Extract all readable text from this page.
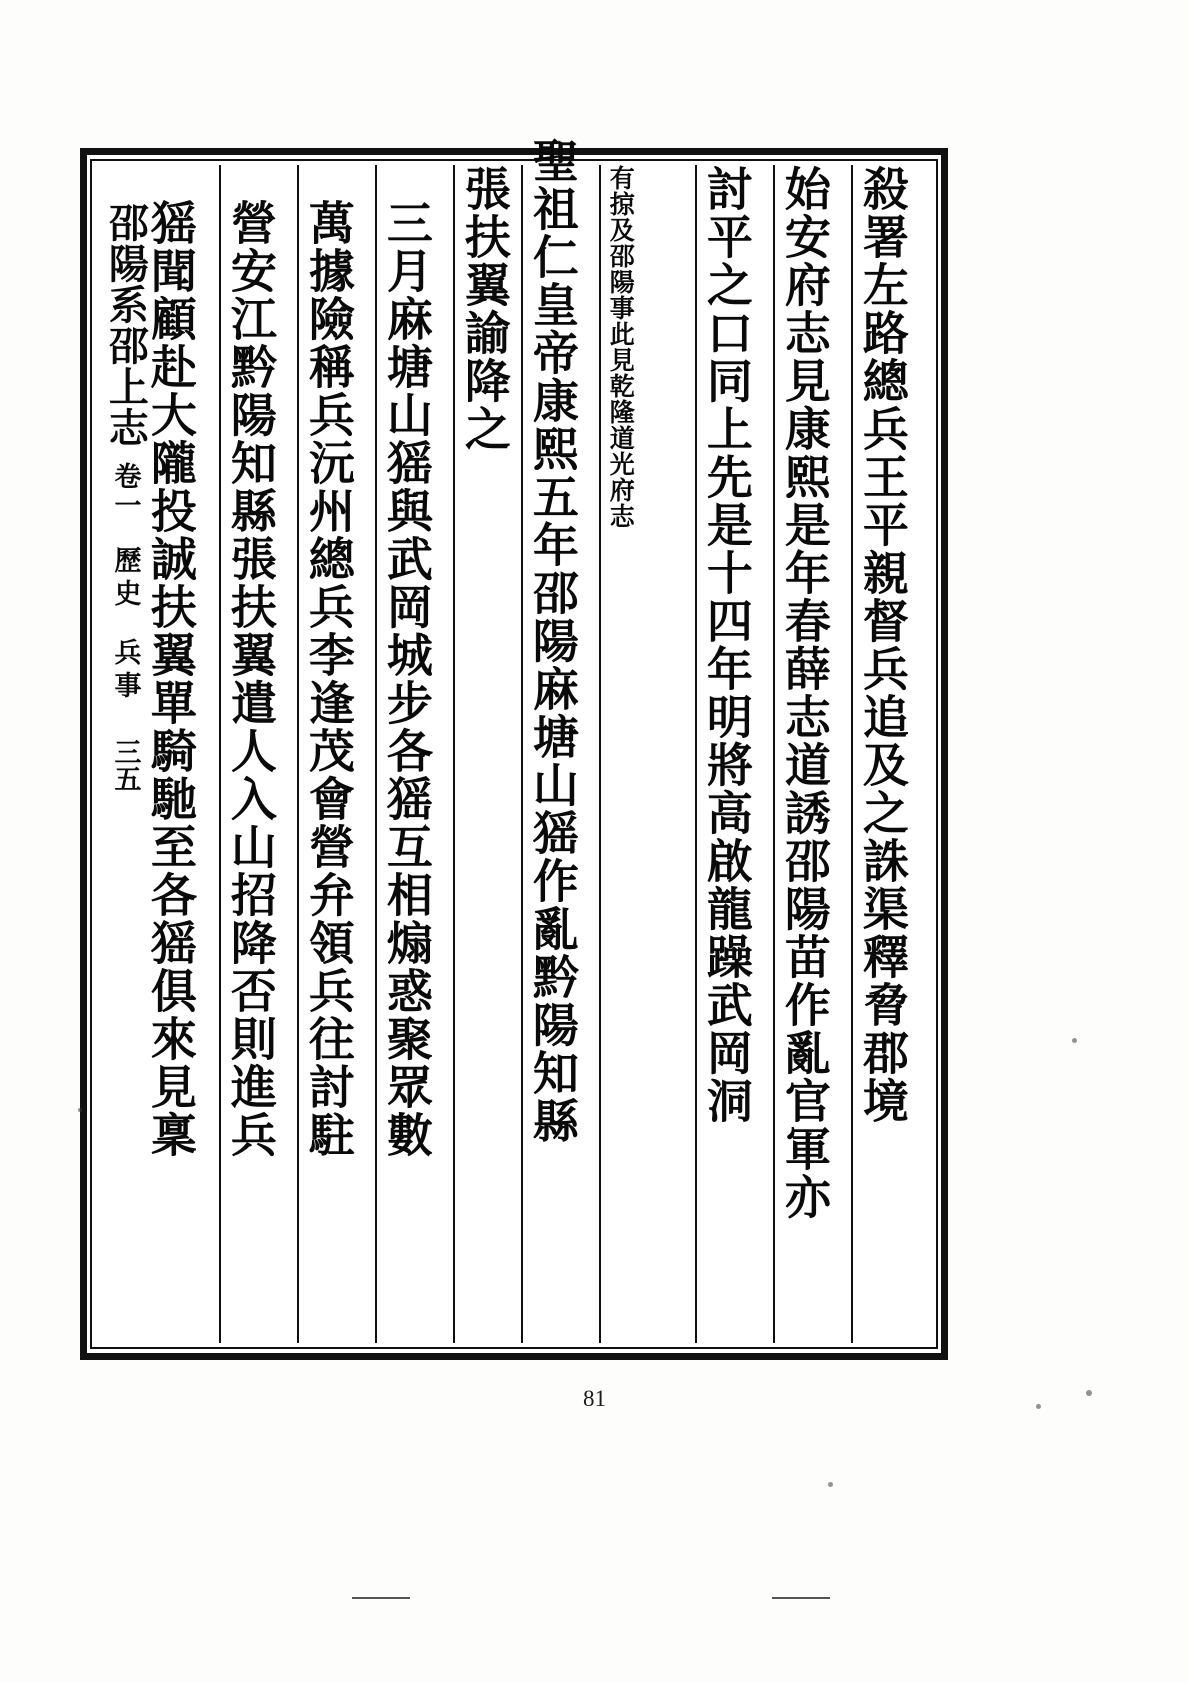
殺署左路總兵王平親督兵追及之誅渠釋脅郡境
始安府志見康熙是年春薛志道誘邵陽苗作亂官軍亦
討平之口同上先是十四年明將高啟龍躁武岡洞
有掠及邵陽事此見乾隆道光府志
聖祖仁皇帝康熙五年邵陽麻塘山猺作亂黔陽知縣
張扶翼諭降之
三月麻塘山猺與武岡城步各猺互相煽惑聚眾數
萬據險稱兵沅州總兵李逢茂會營弁領兵往討駐
營安江黔陽知縣張扶翼遣人入山招降否則進兵
猺聞顧赴大隴投誠扶翼單騎馳至各猺俱來見稟
邵陽系邵上志
卷一
歷史
兵事
三五
81
